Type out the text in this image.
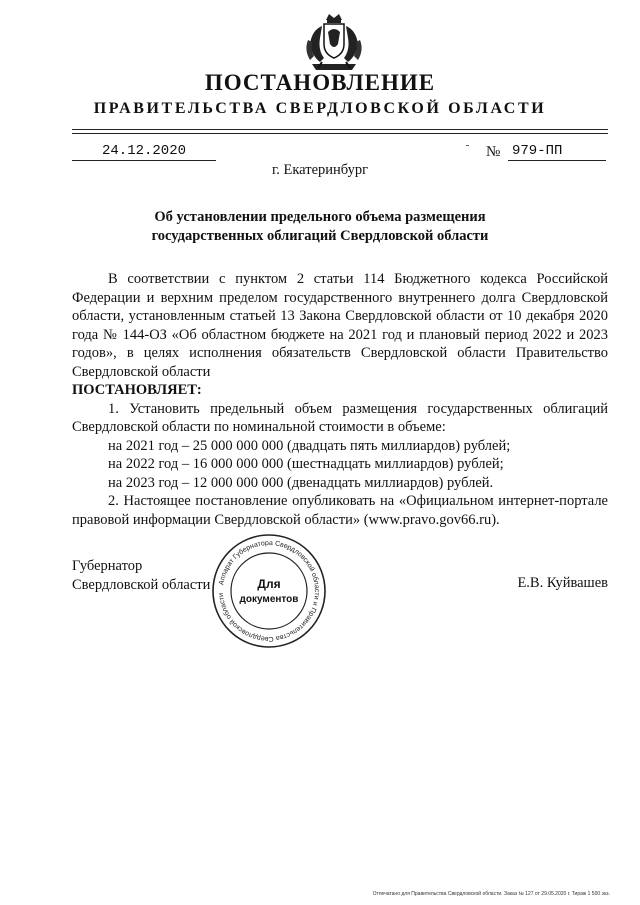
ПОСТАНОВЛЕНИЕ
ПРАВИТЕЛЬСТВА СВЕРДЛОВСКОЙ ОБЛАСТИ
24.12.2020	№ 979-ПП
г. Екатеринбург
Об установлении предельного объема размещения
государственных облигаций Свердловской области

В соответствии с пунктом 2 статьи 114 Бюджетного кодекса Российской Федерации и верхним пределом государственного внутреннего долга Свердловской области, установленным статьей 13 Закона Свердловской области от 10 декабря 2020 года № 144-ОЗ «Об областном бюджете на 2021 год и плановый период 2022 и 2023 годов», в целях исполнения обязательств Свердловской области Правительство Свердловской области

ПОСТАНОВЛЯЕТ:

1. Установить предельный объем размещения государственных облигаций Свердловской области по номинальной стоимости в объеме:

на 2021 год – 25 000 000 000 (двадцать пять миллиардов) рублей;

на 2022 год – 16 000 000 000 (шестнадцать миллиардов) рублей;

на 2023 год – 12 000 000 000 (двенадцать миллиардов) рублей.

2. Настоящее постановление опубликовать на «Официальном интернет-портале правовой информации Свердловской области» (www.pravo.gov66.ru).

Губернатор
Свердловской области	Е.В. Куйвашев
Аппарат Губернатора Свердловской области и Правительства Свердловской области
Для
документов
Отпечатано для Правительства Свердловской области. Заказ № 127 от 29.05.2020 г. Тираж 1 500 экз.
